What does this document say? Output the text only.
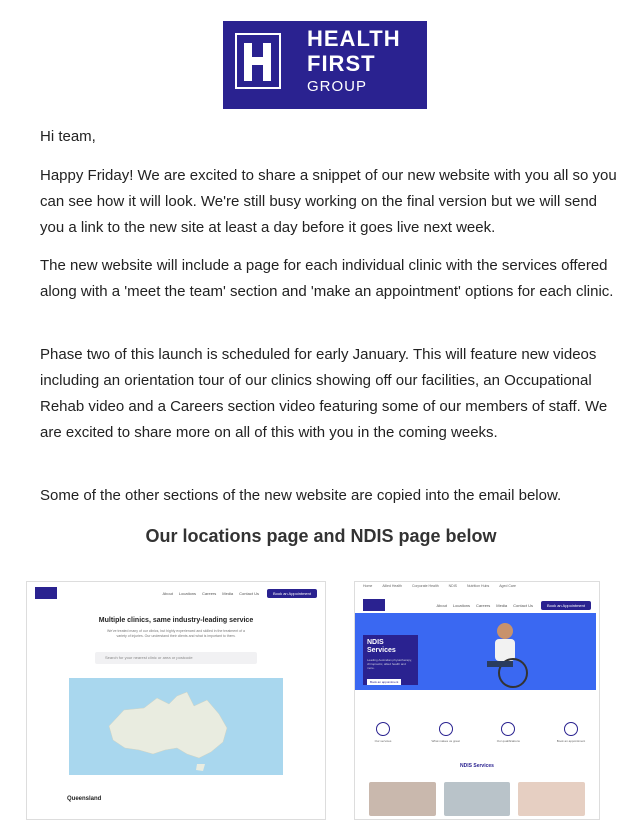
HEALTH
FIRST
GROUP

Hi team,

Happy Friday! We are excited to share a snippet of our new website with you all so you can see how it will look. We're still busy working on the final version but we will send you a link to the new site at least a day before it goes live next week.

The new website will include a page for each individual clinic with the services offered along with a 'meet the team' section and 'make an appointment' options for each clinic.

Phase two of this launch is scheduled for early January. This will feature new videos including an orientation tour of our clinics showing off our facilities, an Occupational Rehab video and a Careers section video featuring some of our members of staff. We are excited to share more on all of this with you in the coming weeks.

Some of the other sections of the new website are copied into the email below.

Our locations page and NDIS page below
About Locations Careers Media Contact Us	Book an Appointment
Multiple clinics, same industry-leading service
We've treated many of our clinics, but highly experienced and skilled in the treatment of a variety of injuries. Our understand their clients and what is important to them.
Search for your nearest clinic or area or postcode
Queensland
Home	Allied Health	Corporate Health	NDIS	Nutrition Hubs	Aged Care
About Locations Careers Media Contact Us	Book an Appointment
NDIS Services
Leading Australian physiotherapy, chiropractic, allied health and more.
Book an appointment
Our services	What makes us great	Our qualifications	Book an appointment
NDIS Services
